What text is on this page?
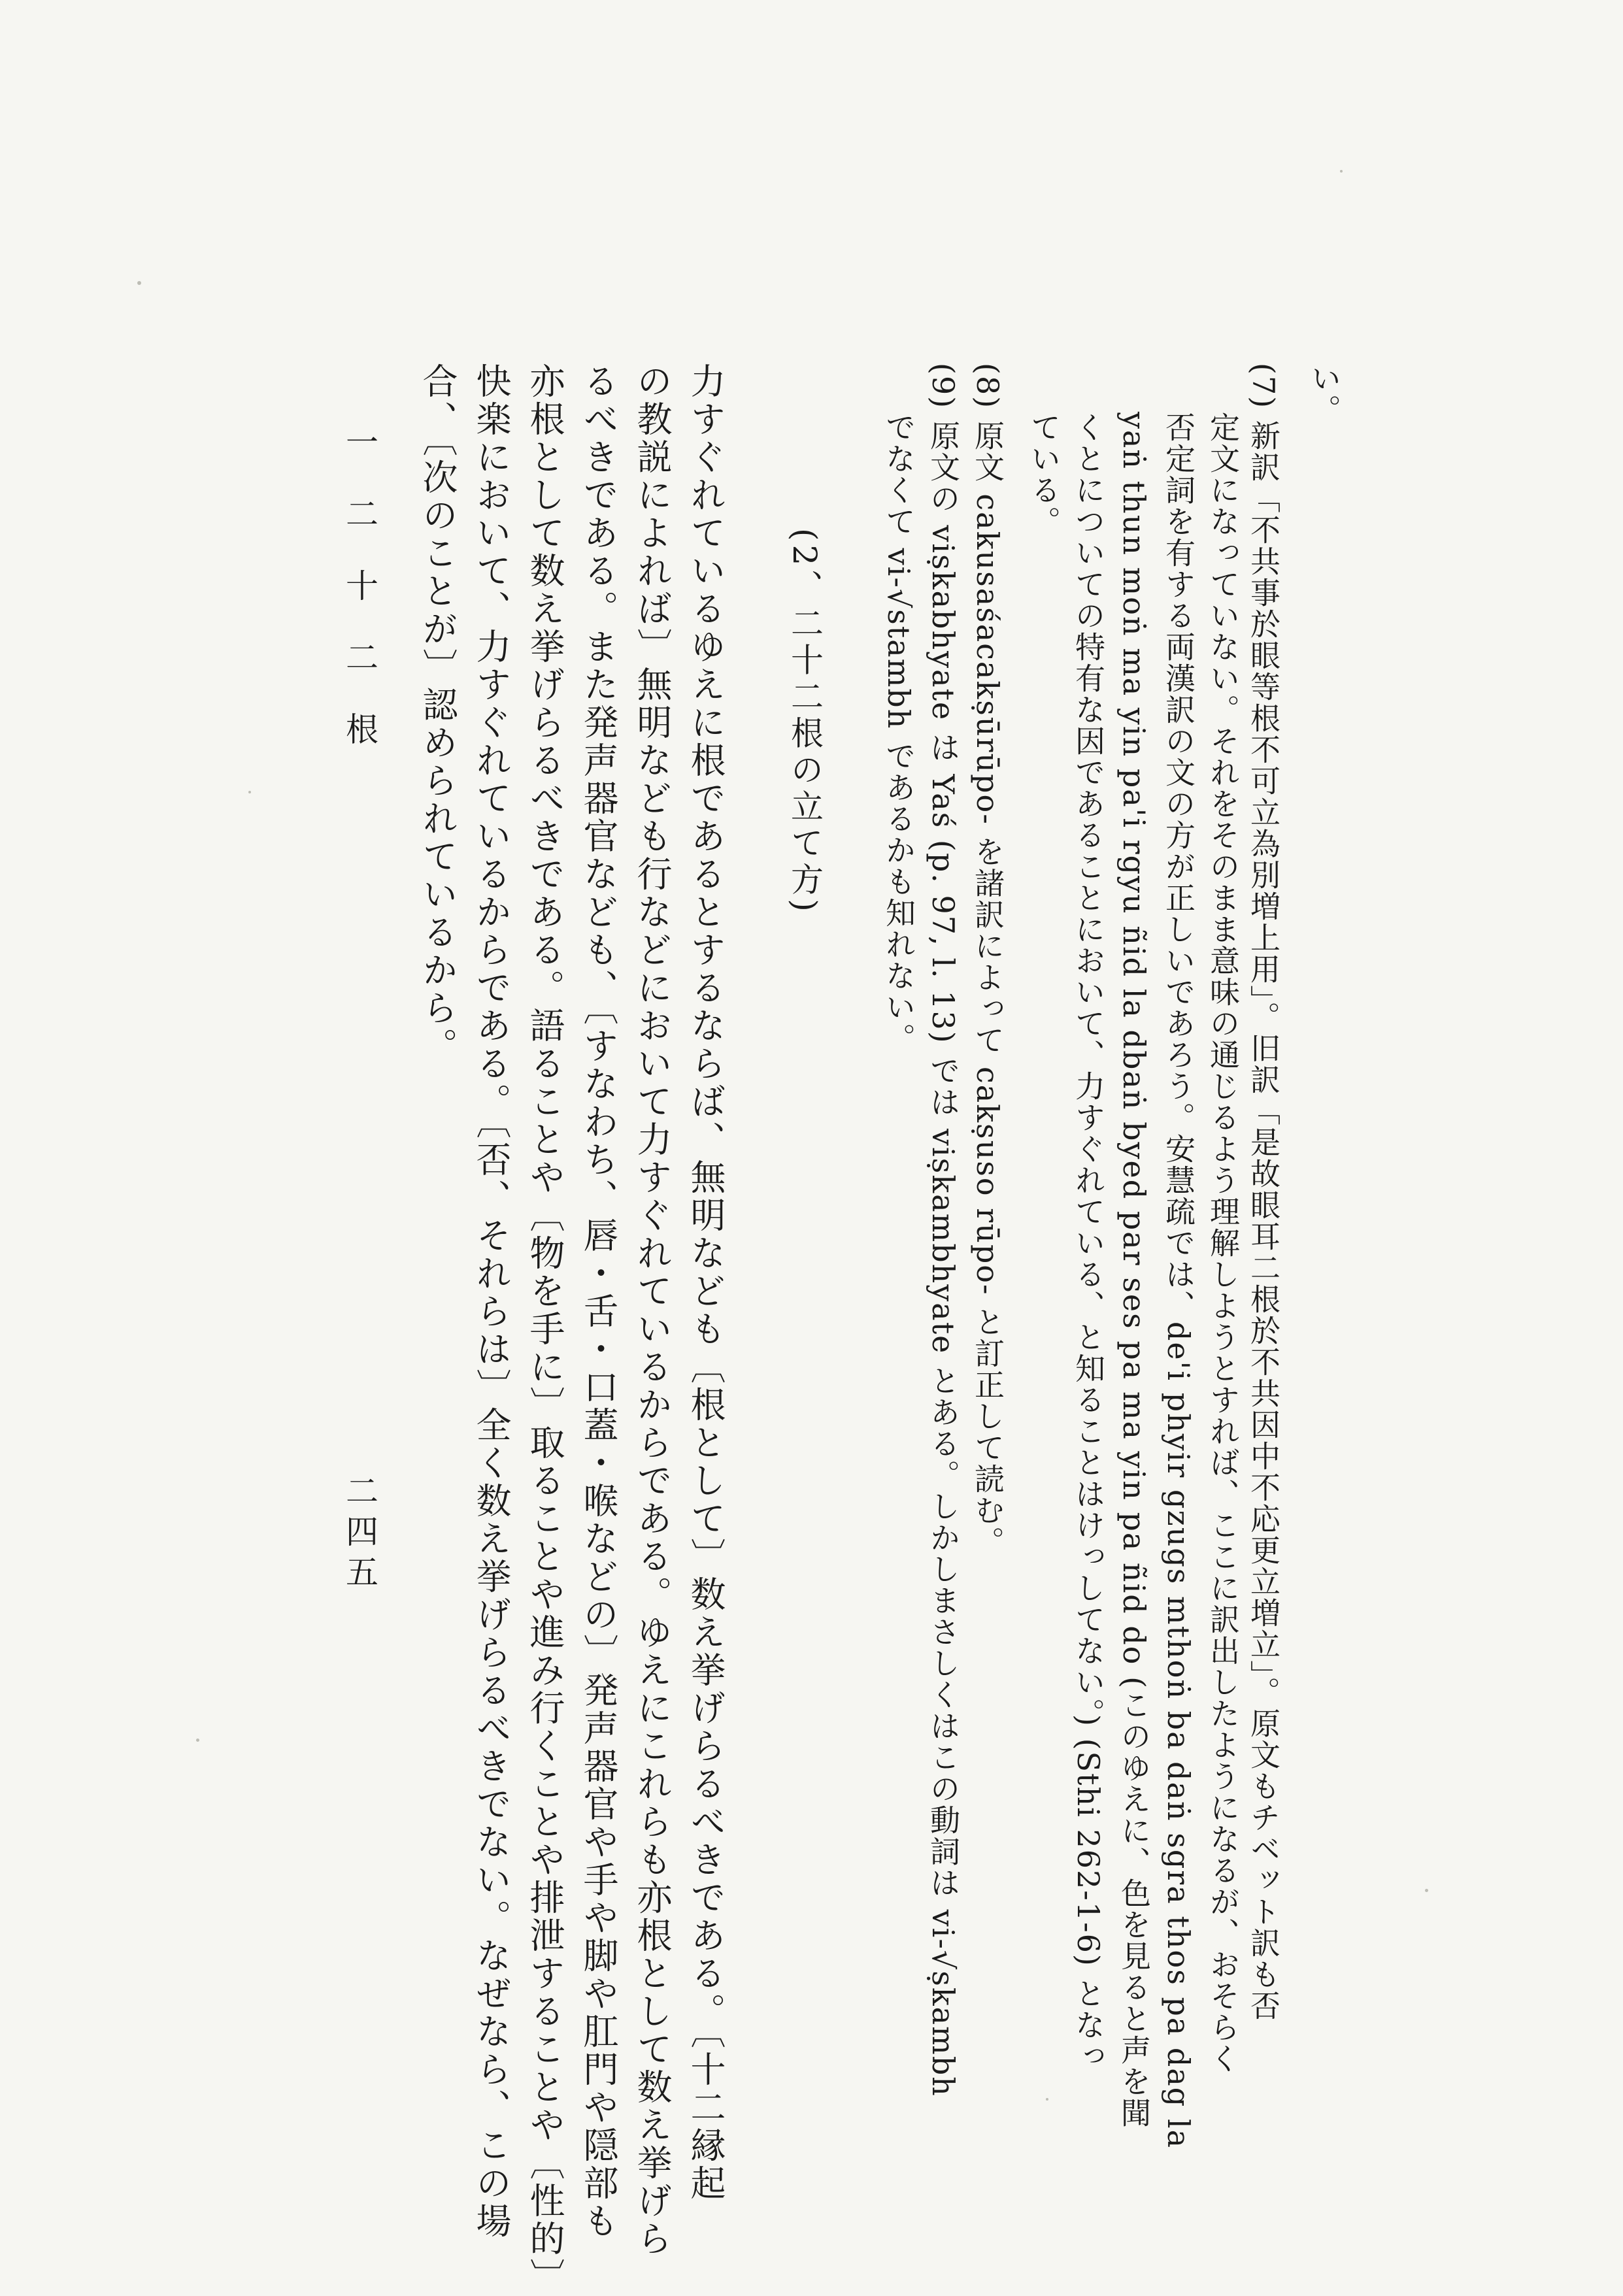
い。
(7) 新訳「不共事於眼等根不可立為別増上用」。旧訳「是故眼耳二根於不共因中不応更立増立」。原文もチベット訳も否
定文になっていない。それをそのまま意味の通じるよう理解しようとすれば、ここに訳出したようになるが、おそらく
否定詞を有する両漢訳の文の方が正しいであろう。安慧疏では、de'i phyir gzugs mthoṅ ba daṅ sgra thos pa dag la
yaṅ thun moṅ ma yin pa'i rgyu ñid la dbaṅ byed par ses pa ma yin pa ñid do (このゆえに、色を見ると声を聞
くとについての特有な因であることにおいて、力すぐれている、と知ることはけっしてない。) (Sthi 262-1-6) となっ
ている。
(8) 原文 cakusaśacakṣūrūpo- を諸訳によって cakṣuso rūpo- と訂正して読む。
(9) 原文の viṣkabhyate は Yaś (p. 97, l. 13) では viṣkambhyate とある。しかしまさしくはこの動詞は vi-√ṣkambh
でなくて vi-√stambh であるかも知れない。
(2、二十二根の立て方)
力すぐれているゆえに根であるとするならば、無明なども〔根として〕数え挙げらるべきである。〔十二縁起
の教説によれば〕無明なども行などにおいて力すぐれているからである。ゆえにこれらも亦根として数え挙げら
るべきである。また発声器官なども、〔すなわち、唇・舌・口蓋・喉などの〕発声器官や手や脚や肛門や隠部も
亦根として数え挙げらるべきである。語ることや〔物を手に〕取ることや進み行くことや排泄することや〔性的〕
快楽において、力すぐれているからである。〔否、それらは〕全く数え挙げらるべきでない。なぜなら、この場
合、〔次のことが〕認められているから。
一 二 十 二 根
二四五
